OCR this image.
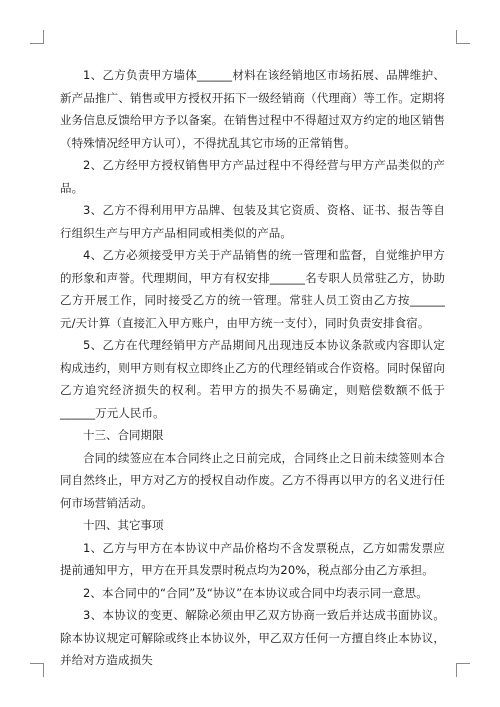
1、乙方负责甲方墙体______材料在该经销地区市场拓展、品牌维护、新产品推广、销售或甲方授权开拓下一级经销商（代理商）等工作。定期将业务信息反馈给甲方予以备案。在销售过程中不得超过双方约定的地区销售（特殊情况经甲方认可），不得扰乱其它市场的正常销售。

2、乙方经甲方授权销售甲方产品过程中不得经营与甲方产品类似的产品。

3、乙方不得利用甲方品牌、包装及其它资质、资格、证书、报告等自行组织生产与甲方产品相同或相类似的产品。

4、乙方必须接受甲方关于产品销售的统一管理和监督，自觉维护甲方的形象和声誉。代理期间，甲方有权安排______名专职人员常驻乙方，协助乙方开展工作，同时接受乙方的统一管理。常驻人员工资由乙方按______元/天计算（直接汇入甲方账户，由甲方统一支付），同时负责安排食宿。

5、乙方在代理经销甲方产品期间凡出现违反本协议条款或内容即认定构成违约，则甲方则有权立即终止乙方的代理经销或合作资格。同时保留向乙方追究经济损失的权利。若甲方的损失不易确定，则赔偿数额不低于______万元人民币。

十三、合同期限

合同的续签应在本合同终止之日前完成，合同终止之日前未续签则本合同自然终止，甲方对乙方的授权自动作废。乙方不得再以甲方的名义进行任何市场营销活动。

十四、其它事项

1、乙方与甲方在本协议中产品价格均不含发票税点，乙方如需发票应提前通知甲方，甲方在开具发票时税点均为20%，税点部分由乙方承担。

2、本合同中的“合同”及“协议”在本协议或合同中均表示同一意思。

3、本协议的变更、解除必须由甲乙双方协商一致后并达成书面协议。除本协议规定可解除或终止本协议外，甲乙双方任何一方擅自终止本协议，并给对方造成损失
